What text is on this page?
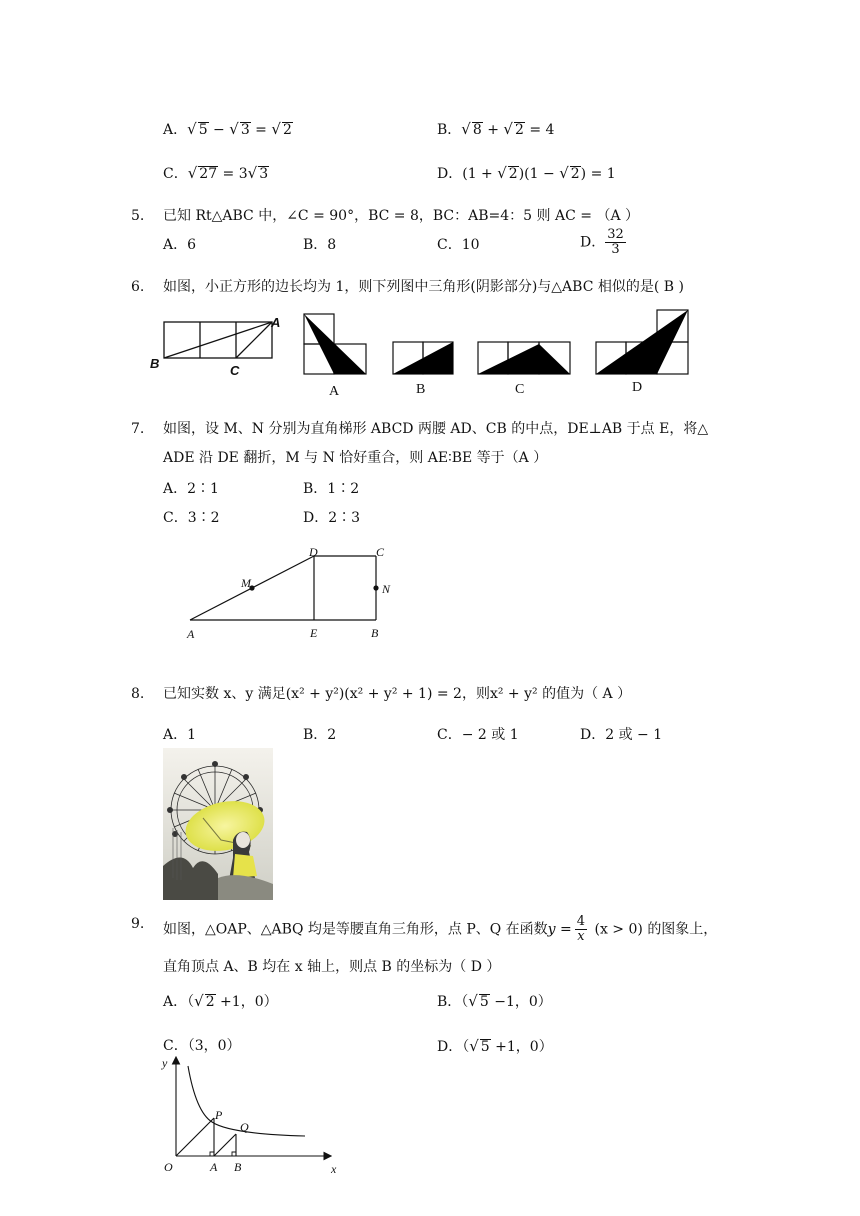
A．√ 5 − √ 3 = √ 2	B．√ 8 + √ 2 = 4
C．√ 27 = 3√ 3	D．(1 + √ 2)(1 − √ 2) = 1
5. 已知 Rt△ABC 中，∠C = 90°，BC = 8，BC：AB=4：5 则 AC = （A ）
A．6	B．8	C．10	D． $\frac{32}{3}$
6. 如图，小正方形的边长均为 1，则下列图中三角形(阴影部分)与△ABC 相似的是( B )
A
B	C
A	B	C	D
7. 如图，设 M、N 分别为直角梯形 ABCD 两腰 AD、CB 的中点，DE⊥AB 于点 E，将△
ADE 沿 DE 翻折，M 与 N 恰好重合，则 AE∶BE 等于（A ）
A．2∶1	B．1∶2
C．3∶2	D．2∶3
D	C
M	N
A	E	B
8. 已知实数 x、y 满足(x² + y²)(x² + y² + 1) = 2，则x² + y² 的值为（ A ）
A．1	B．2	C．− 2 或 1	D．2 或 − 1
9. 如图，△OAP、△ABQ 均是等腰直角三角形，点 P、Q 在函数$y = \frac{4}{x} (x > 0)$ 的图象上，
直角顶点 A、B 均在 x 轴上，则点 B 的坐标为（ D ）
A．（√ 2 +1，0）	B．（√ 5 −1，0）
C．（3，0）	D．（√ 5 +1，0）
y
x
O	A B
P
Q
